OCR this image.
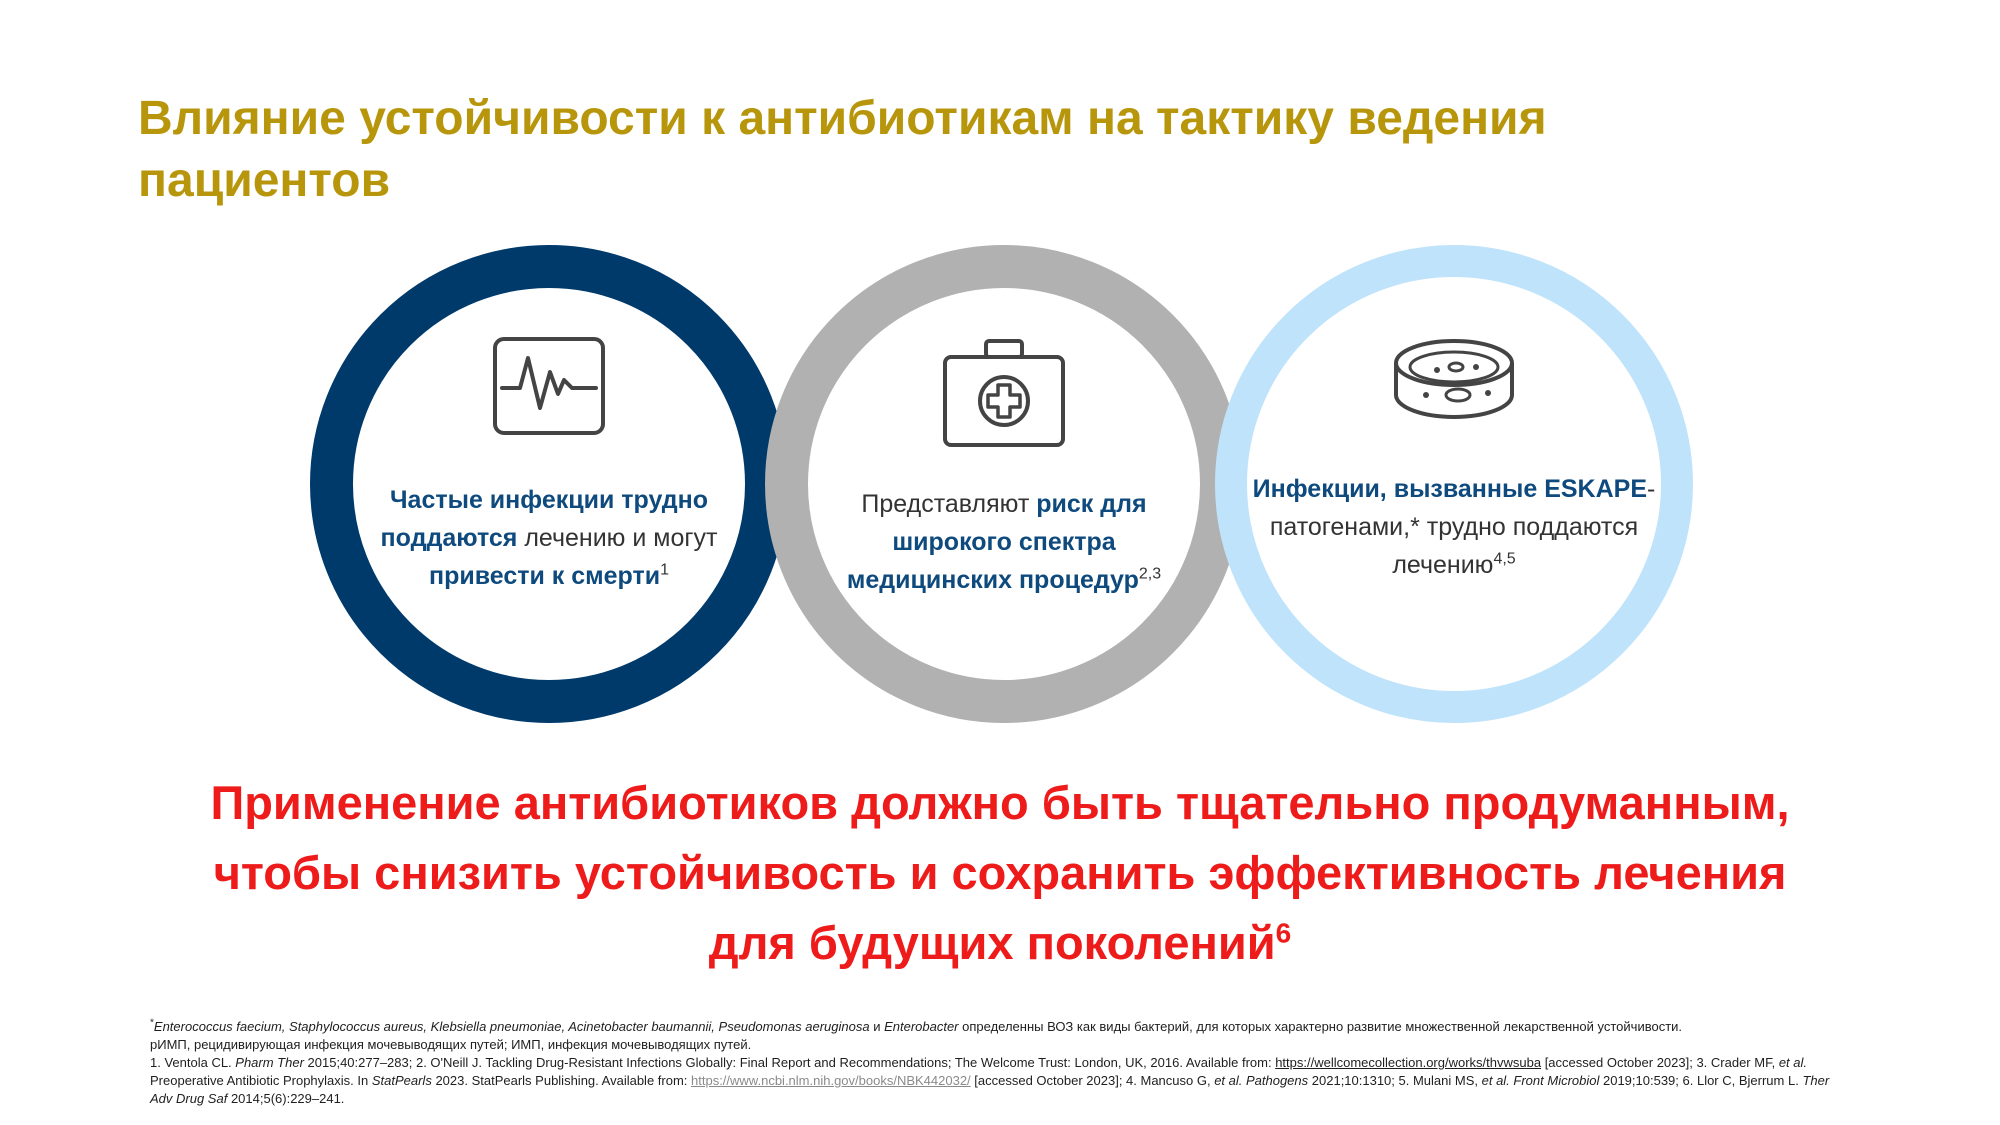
Влияние устойчивости к антибиотикам на тактику ведения пациентов
Частые инфекции трудно поддаются лечению и могут привести к смерти$^1$
Представляют риск для широкого спектра медицинских процедур$^{2,3}$
Инфекции, вызванные ESKAPE-патогенами,* трудно поддаются лечению$^{4,5}$
Применение антибиотиков должно быть тщательно продуманным, чтобы снизить устойчивость и сохранить эффективность лечения для будущих поколений$^6$

*Enterococcus faecium, Staphylococcus aureus, Klebsiella pneumoniae, Acinetobacter baumannii, Pseudomonas aeruginosa и Enterobacter определенны ВОЗ как виды бактерий, для которых характерно развитие множественной лекарственной устойчивости.

рИМП, рецидивирующая инфекция мочевыводящих путей; ИМП, инфекция мочевыводящих путей.

1. Ventola CL. Pharm Ther 2015;40:277–283; 2. O'Neill J. Tackling Drug-Resistant Infections Globally: Final Report and Recommendations; The Welcome Trust: London, UK, 2016. Available from: https://wellcomecollection.org/works/thvwsuba [accessed October 2023]; 3. Crader MF, et al. Preoperative Antibiotic Prophylaxis. In StatPearls 2023. StatPearls Publishing. Available from: https://www.ncbi.nlm.nih.gov/books/NBK442032/ [accessed October 2023]; 4. Mancuso G, et al. Pathogens 2021;10:1310; 5. Mulani MS, et al. Front Microbiol 2019;10:539; 6. Llor C, Bjerrum L. Ther Adv Drug Saf 2014;5(6):229–241.
